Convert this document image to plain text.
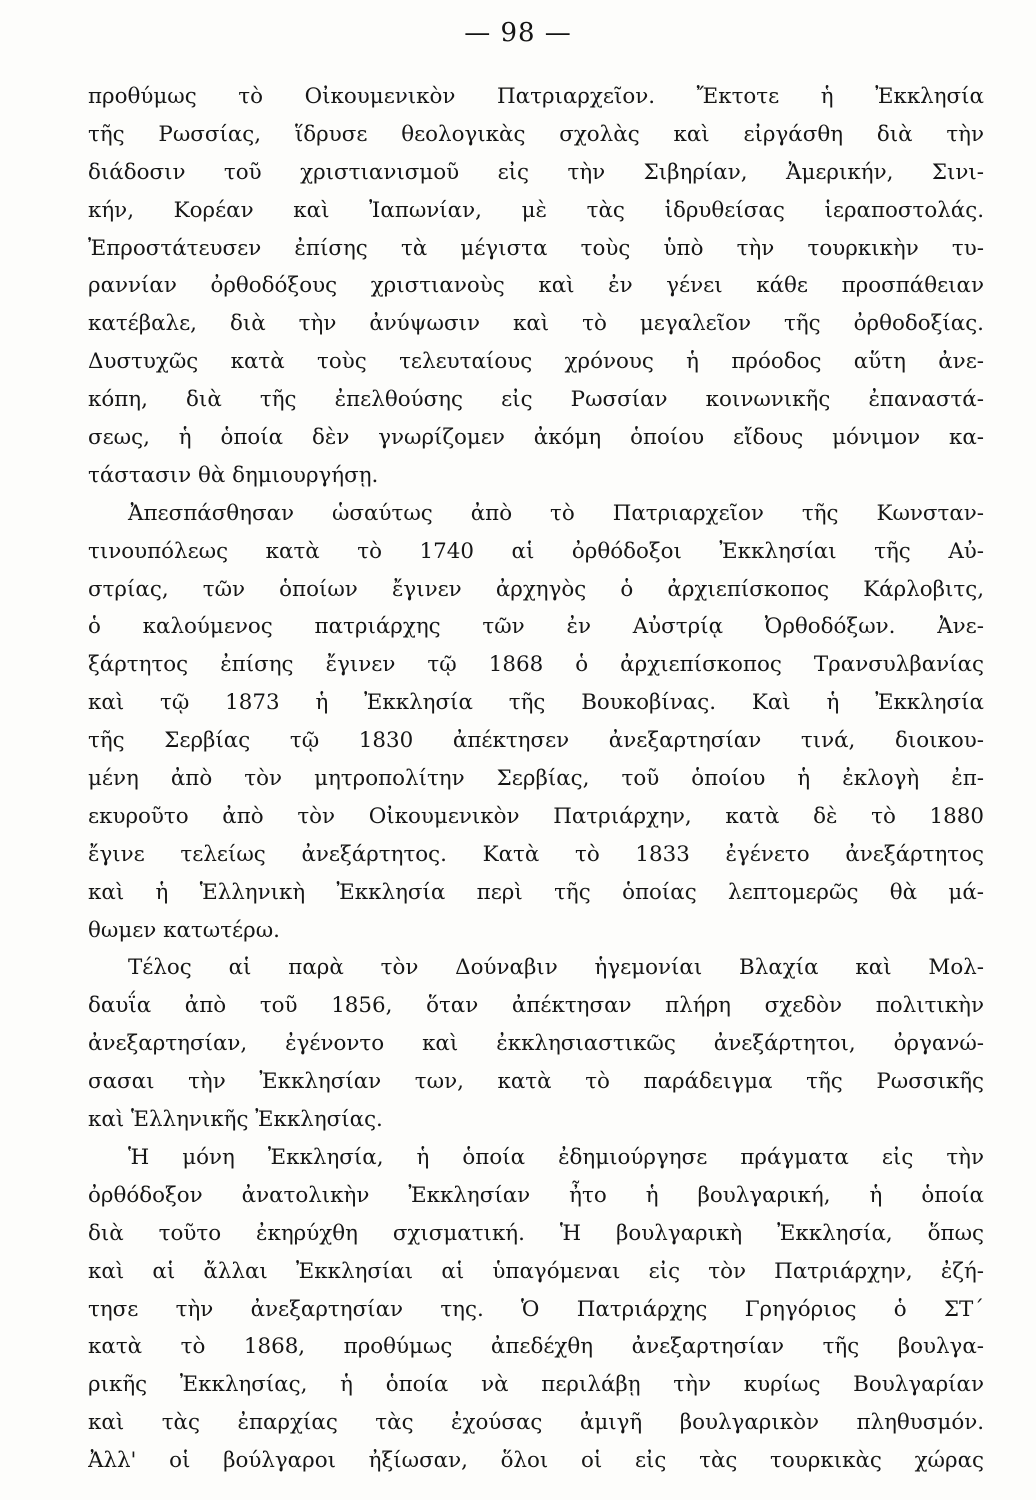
— 98 —
προθύμως τὸ Οἰκουμενικὸν Πατριαρχεῖον. Ἔκτοτε ἡ Ἐκκλησία
τῆς Ρωσσίας, ἵδρυσε θεολογικὰς σχολὰς καὶ εἰργάσθη διὰ τὴν
διάδοσιν τοῦ χριστιανισμοῦ εἰς τὴν Σιβηρίαν, Ἀμερικήν, Σινι-
κήν, Κορέαν καὶ Ἰαπωνίαν, μὲ τὰς ἱδρυθείσας ἱεραποστολάς.
Ἐπροστάτευσεν ἐπίσης τὰ μέγιστα τοὺς ὑπὸ τὴν τουρκικὴν τυ-
ραννίαν ὀρθοδόξους χριστιανοὺς καὶ ἐν γένει κάθε προσπάθειαν
κατέβαλε, διὰ τὴν ἀνύψωσιν καὶ τὸ μεγαλεῖον τῆς ὀρθοδοξίας.
Δυστυχῶς κατὰ τοὺς τελευταίους χρόνους ἡ πρόοδος αὕτη ἀνε-
κόπη, διὰ τῆς ἐπελθούσης εἰς Ρωσσίαν κοινωνικῆς ἐπαναστά-
σεως, ἡ ὁποία δὲν γνωρίζομεν ἀκόμη ὁποίου εἴδους μόνιμον κα-
τάστασιν θὰ δημιουργήσῃ.
Ἀπεσπάσθησαν ὡσαύτως ἀπὸ τὸ Πατριαρχεῖον τῆς Κωνσταν-
τινουπόλεως κατὰ τὸ 1740 αἱ ὀρθόδοξοι Ἐκκλησίαι τῆς Αὐ-
στρίας, τῶν ὁποίων ἔγινεν ἀρχηγὸς ὁ ἀρχιεπίσκοπος Κάρλοβιτς,
ὁ καλούμενος πατριάρχης τῶν ἐν Αὐστρίᾳ Ὀρθοδόξων. Ἀνε-
ξάρτητος ἐπίσης ἔγινεν τῷ 1868 ὁ ἀρχιεπίσκοπος Τρανσυλβανίας
καὶ τῷ 1873 ἡ Ἐκκλησία τῆς Βουκοβίνας. Καὶ ἡ Ἐκκλησία
τῆς Σερβίας τῷ 1830 ἀπέκτησεν ἀνεξαρτησίαν τινά, διοικου-
μένη ἀπὸ τὸν μητροπολίτην Σερβίας, τοῦ ὁποίου ἡ ἐκλογὴ ἐπ-
εκυροῦτο ἀπὸ τὸν Οἰκουμενικὸν Πατριάρχην, κατὰ δὲ τὸ 1880
ἔγινε τελείως ἀνεξάρτητος. Κατὰ τὸ 1833 ἐγένετο ἀνεξάρτητος
καὶ ἡ Ἑλληνικὴ Ἐκκλησία περὶ τῆς ὁποίας λεπτομερῶς θὰ μά-
θωμεν κατωτέρω.
Τέλος αἱ παρὰ τὸν Δούναβιν ἡγεμονίαι Βλαχία καὶ Μολ-
δαυΐα ἀπὸ τοῦ 1856, ὅταν ἀπέκτησαν πλήρη σχεδὸν πολιτικὴν
ἀνεξαρτησίαν, ἐγένοντο καὶ ἐκκλησιαστικῶς ἀνεξάρτητοι, ὀργανώ-
σασαι τὴν Ἐκκλησίαν των, κατὰ τὸ παράδειγμα τῆς Ρωσσικῆς
καὶ Ἑλληνικῆς Ἐκκλησίας.
Ἡ μόνη Ἐκκλησία, ἡ ὁποία ἐδημιούργησε πράγματα εἰς τὴν
ὀρθόδοξον ἀνατολικὴν Ἐκκλησίαν ἦτο ἡ βουλγαρική, ἡ ὁποία
διὰ τοῦτο ἐκηρύχθη σχισματική. Ἡ βουλγαρικὴ Ἐκκλησία, ὅπως
καὶ αἱ ἄλλαι Ἐκκλησίαι αἱ ὑπαγόμεναι εἰς τὸν Πατριάρχην, ἐζή-
τησε τὴν ἀνεξαρτησίαν της. Ὁ Πατριάρχης Γρηγόριος ὁ ΣΤ΄
κατὰ τὸ 1868, προθύμως ἀπεδέχθη ἀνεξαρτησίαν τῆς βουλγα-
ρικῆς Ἐκκλησίας, ἡ ὁποία νὰ περιλάβῃ τὴν κυρίως Βουλγαρίαν
καὶ τὰς ἐπαρχίας τὰς ἐχούσας ἀμιγῆ βουλγαρικὸν πληθυσμόν.
Ἀλλ' οἱ βούλγαροι ἠξίωσαν, ὅλοι οἱ εἰς τὰς τουρκικὰς χώρας
